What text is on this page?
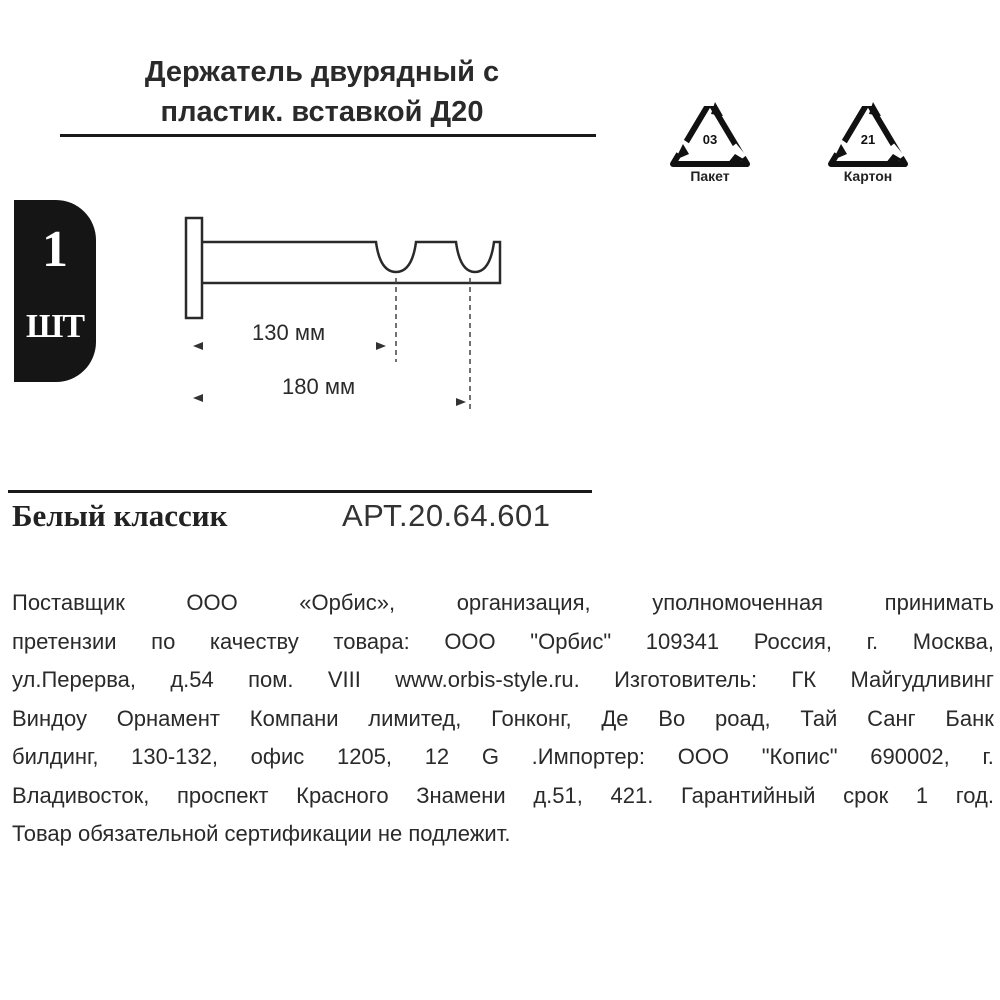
Держатель двурядный с
пластик. вставкой Д20
03
Пакет
21
Картон
1
ШТ	130 мм
180 мм
Белый классик	АРТ.20.64.601
Поставщик	ООО	«Орбис»,	организация,	уполномоченная	принимать
претензии по качеству товара: ООО "Орбис" 109341 Россия, г. Москва,
ул.Перерва, д.54 пом. VIII www.orbis-style.ru. Изготовитель: ГК Майгудливинг
Виндоу Орнамент Компани лимитед, Гонконг, Де Во роад, Тай Санг Банк
билдинг, 130-132, офис 1205, 12 G .Импортер: ООО "Копис" 690002, г.
Владивосток, проспект Красного Знамени д.51, 421. Гарантийный срок 1 год.
Товар обязательной сертификации не подлежит.
